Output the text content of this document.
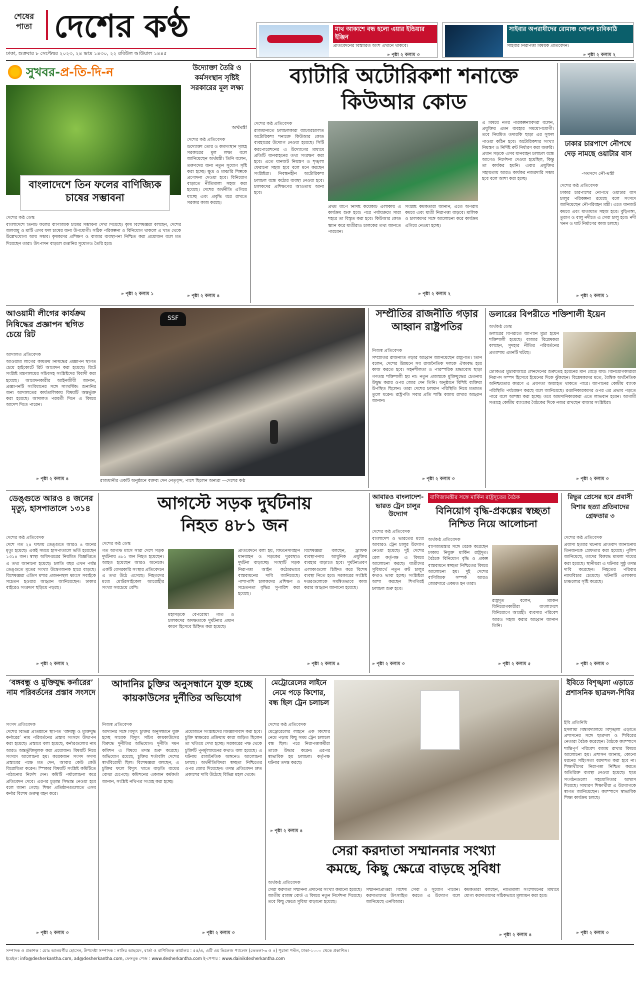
শেষের
পাতা দেশের কণ্ঠ
ঢাকা, শুক্রবার ৮ সেপ্টেম্বর ২০২৩, ২৪ ভাদ্র ১৪৩০, ২২ রবিউল আউয়াল ১৪৪৫
মাথ আকাশে বন্ধ হলো এয়ার ইন্ডিয়ার ইঞ্জিন
প্রতিবেদনের বিস্তারিত অংশ এখানে থাকবে।
» পৃষ্ঠা ২ কলাম ৩
সাইবার অপরাধীদের রোমাঞ্চ গোপন চাবিকাঠি
সাইবার নিরাপত্তা বিষয়ক প্রতিবেদন।
» পৃষ্ঠা ২ কলাম ২
সুখবর-প্র-তি-দি-ন
বাংলাদেশে তিন ফলের বাণিজ্যিক চাষের সম্ভাবনা
দেশের কণ্ঠ ডেস্ক
বাংলাদেশে তিনটি ফলের বাণিজ্যিক চাষের সম্ভাবনা দেখা দিয়েছে। কৃষি বিশেষজ্ঞরা বলছেন, দেশের জলবায়ু ও মাটি এসব ফল চাষের জন্য উপযোগী। সঠিক পরিকল্পনা ও বিনিয়োগ থাকলে এ খাত থেকে উল্লেখযোগ্য আয় সম্ভব। কৃষকদের প্রশিক্ষণ ও বাজার ব্যবস্থাপনা নিশ্চিত করা প্রয়োজন বলে মত দিয়েছেন তারা। উৎপাদন বাড়লে রপ্তানির সুযোগও তৈরি হবে।
» পৃষ্ঠা ২ কলাম ১
উদ্যোক্তা তৈরি ও কর্মসংস্থান সৃষ্টিই সরকারের মূল লক্ষ্য
অর্থমন্ত্রী
দেশের কণ্ঠ প্রতিবেদক
উদ্যোক্তা তৈরি ও কর্মসংস্থান সৃষ্টিই সরকারের মূল লক্ষ্য বলে জানিয়েছেন অর্থমন্ত্রী। তিনি বলেন, তরুণদের জন্য নতুন সুযোগ সৃষ্টি করা হচ্ছে। ক্ষুদ্র ও মাঝারি শিল্পকে প্রণোদনা দেওয়া হবে। বিনিয়োগ বাড়াতে নীতিমালা সহজ করা হয়েছে। দেশের অর্থনীতি এগিয়ে যাচ্ছে এবং প্রবৃদ্ধি ধরে রাখতে সরকার কাজ করছে।
» পৃষ্ঠা ২ কলাম ৪
ব্যাটারি অটোরিকশা শনাক্তে
কিউআর কোড
দেশের কণ্ঠ প্রতিবেদক
রাজধানীতে চলাচলকারী ব্যাটারিচালিত অটোরিকশা শনাক্তে কিউআর কোড ব্যবহারের উদ্যোগ নেওয়া হয়েছে। সিটি করপোরেশনের এ উদ্যোগের মাধ্যমে প্রতিটি যানবাহনের তথ্য সংরক্ষণ করা হবে। এতে যানজট নিয়ন্ত্রণ ও শৃঙ্খলা ফেরানো সহজ হবে বলে মনে করছেন সংশ্লিষ্টরা। নিবন্ধনহীন অটোরিকশা চলাচল বন্ধে কঠোর ব্যবস্থা নেওয়া হবে। চালকদের প্রশিক্ষণের আওতায় আনা হবে।
প্রথম ধাপে নির্দিষ্ট কয়েকটি এলাকায় এ কার্যক্রম শুরু হবে। পরে পর্যায়ক্রমে সারা শহরে তা বিস্তৃত করা হবে। কিউআর কোড স্ক্যান করে যাত্রীরাও চালকের তথ্য জানতে পারবেন।
সংশ্লিষ্ট কর্মকর্তারা জানান, এতে অপরাধ কমবে এবং যাত্রী নিরাপত্তা বাড়বে। মালিক ও চালকদের সঙ্গে আলোচনা করে কার্যক্রম এগিয়ে নেওয়া হচ্ছে।
» পৃষ্ঠা ২ কলাম ২
এ বিষয়ে নগর পরিকল্পনাবিদরা বলেন, প্রযুক্তির এমন ব্যবহার সময়োপযোগী। তবে নিয়মিত তদারকি ছাড়া এর সুফল পাওয়া কঠিন হবে। অটোরিকশার সংখ্যা নিয়ন্ত্রণ ও নির্দিষ্ট রুট নির্ধারণ করা জরুরি। প্রধান সড়কে এসব যানবাহন চলাচল বন্ধে আগেও নির্দেশনা দেওয়া হয়েছিল, কিন্তু তা কার্যকর হয়নি। এবার প্রযুক্তির সহায়তায় আরও কার্যকর নজরদারি সম্ভব হবে বলে আশা করা হচ্ছে।
ঢাকার চারপাশে নৌপথে দেড় নামছে ওয়াটার বাস
-সংসদে নৌ-মন্ত্রী
দেশের কণ্ঠ প্রতিবেদক
ঢাকার চারপাশের নৌপথে ওয়াটার বাস চালুর পরিকল্পনা রয়েছে বলে সংসদে জানিয়েছেন নৌপরিবহন মন্ত্রী। এতে যানজট কমবে এবং যাতায়াত সহজ হবে। বুড়িগঙ্গা, তুরাগ ও বালু নদীতে এ সেবা চালু হবে। নদী খনন ও ঘাট নির্মাণের কাজ চলছে।
» পৃষ্ঠা ২ কলাম ১
আওয়ামী লীগের কার্যক্রম নিষিদ্ধের প্রজ্ঞাপন স্থগিত চেয়ে রিট
আদালত প্রতিবেদক
আওয়ামী লীগের কার্যক্রম নিষিদ্ধের প্রজ্ঞাপন স্থগিত চেয়ে হাইকোর্টে রিট আবেদন করা হয়েছে। রিটে সংশ্লিষ্ট মন্ত্রণালয়ের সচিবসহ সংশ্লিষ্টদের বিবাদী করা হয়েছে। আবেদনকারীর আইনজীবী জানান, প্রজ্ঞাপনটি সংবিধানের সঙ্গে সাংঘর্ষিক। শুনানির জন্য আদালতের কার্যতালিকায় বিষয়টি অন্তর্ভুক্ত করা হয়েছে। আদালত পরবর্তী দিনে এ বিষয়ে আদেশ দিতে পারেন।
» পৃষ্ঠা ২ কলাম ৪
SSF
রাজধানীর একটি অনুষ্ঠানে বক্তব্য দেন নেতৃবৃন্দ, পাশে ছিলেন অন্যরা —দেশের কণ্ঠ
সম্প্রীতির রাজনীতি গড়ার আহ্বান রাষ্ট্রপতির
নিজস্ব প্রতিবেদক
সম্প্রীতির রাজনীতি গড়ার আহ্বান জানিয়েছেন রাষ্ট্রপতি। তিনি বলেন, দেশের উন্নয়নে সব রাজনৈতিক দলকে ঐক্যবদ্ধ হয়ে কাজ করতে হবে। সহনশীলতা ও পারস্পরিক শ্রদ্ধাবোধ ছাড়া গণতন্ত্র শক্তিশালী হয় না। নতুন প্রজন্মকে মুক্তিযুদ্ধের চেতনায় উদ্বুদ্ধ করার ওপর জোর দেন তিনি। অনুষ্ঠানে বিশিষ্ট ব্যক্তিরা উপস্থিত ছিলেন। তারা দেশের চলমান পরিস্থিতি নিয়ে মতামত তুলে ধরেন। রাষ্ট্রপতি সবার প্রতি শান্তি বজায় রাখার আহ্বান জানান।
» পৃষ্ঠা ২ কলাম ৩
ডলারের বিপরীতে শক্তিশালী ইয়েন
অর্থকণ্ঠ ডেস্ক
ডলারের বিপরীতে জাপানি মুদ্রা ইয়েন শক্তিশালী হয়েছে। বাজার বিশ্লেষকরা বলছেন, সুদহার নীতির পরিবর্তনের প্রত্যাশায় এমনটি ঘটছে।
টোকিওর মুদ্রাবাজারে লেনদেনের শুরুতেই ইয়েনের মান বেড়ে যায়। বিনিয়োগকারীরা নিরাপদ সম্পদ হিসেবে ইয়েনের দিকে ঝুঁকছেন। বিশ্লেষকদের মতে, বৈশ্বিক অর্থনৈতিক অনিশ্চয়তার কারণে এ প্রবণতা অব্যাহত থাকতে পারে। জাপানের কেন্দ্রীয় ব্যাংক পরিস্থিতি পর্যবেক্ষণ করছে বলে জানিয়েছে। রপ্তানিকারকদের ওপর এর প্রভাব পড়তে পারে বলে আশঙ্কা করা হচ্ছে। তবে আমদানিকারকরা এতে লাভবান হবেন। আগামী সপ্তাহে কেন্দ্রীয় ব্যাংকের বৈঠকের দিকে নজর রাখছেন বাজার সংশ্লিষ্টরা।
» পৃষ্ঠা ২ কলাম ৩
ডেঙ্গুতে আরও ৪ জনের মৃত্যু, হাসপাতালে ১৩১৪
দেশের কণ্ঠ প্রতিবেদক
দেশে গত ২৪ ঘণ্টায় ডেঙ্গুতে আরও ৪ জনের মৃত্যু হয়েছে। একই সময়ে হাসপাতালে ভর্তি হয়েছেন ১৩১৪ জন। স্বাস্থ্য অধিদপ্তরের নিয়মিত বিজ্ঞপ্তিতে এ তথ্য জানানো হয়েছে। চলতি বছর এখন পর্যন্ত ডেঙ্গুতে মৃতের সংখ্যা উদ্বেগজনক হারে বাড়ছে। বিশেষজ্ঞরা এডিস মশার প্রজননস্থল ধ্বংসে সবাইকে সচেতন হওয়ার আহ্বান জানিয়েছেন। ঢাকার বাইরেও সংক্রমণ ছড়িয়ে পড়ছে।
» পৃষ্ঠা ২ কলাম ২
আগস্টে সড়ক দুর্ঘটনায়
নিহত ৪৮১ জন
দেশের কণ্ঠ ডেস্ক
গত আগস্ট মাসে সারা দেশে সড়ক দুর্ঘটনায় ৪৮১ জন নিহত হয়েছেন। আহত হয়েছেন আরও অনেকে। একটি বেসরকারি সংস্থার প্রতিবেদনে এ তথ্য উঠে এসেছে। নিহতদের মধ্যে মোটরসাইকেল আরোহীর সংখ্যা সবচেয়ে বেশি।
মহাসড়কে বেপরোয়া গতি ও চালকদের অদক্ষতাকে দুর্ঘটনার প্রধান কারণ হিসেবে চিহ্নিত করা হয়েছে।
প্রতিবেদনে বলা হয়, ফিটনেসবিহীন যানবাহন ও সড়কের দুরবস্থাও দুর্ঘটনা বাড়াচ্ছে। সংস্থাটি সড়ক নিরাপত্তা আইন কঠোরভাবে বাস্তবায়নের দাবি জানিয়েছে। পাশাপাশি চালকদের প্রশিক্ষণ ও সচেতনতা বৃদ্ধির সুপারিশ করা হয়েছে।
বিশেষজ্ঞরা বলছেন, ট্রাফিক ব্যবস্থাপনায় আধুনিক প্রযুক্তির ব্যবহার বাড়াতে হবে। দুর্ঘটনাপ্রবণ এলাকাগুলো চিহ্নিত করে বিশেষ ব্যবস্থা নিতে হবে। সরকারের সংশ্লিষ্ট দপ্তরগুলোকে সমন্বিতভাবে কাজ করার আহ্বান জানানো হয়েছে।
» পৃষ্ঠা ২ কলাম ৪
আবারও বাংলাদেশ-ভারত ট্রেন চালুর উদ্যোগ
দেশের কণ্ঠ প্রতিবেদক
বাংলাদেশ ও ভারতের মধ্যে আবারও ট্রেন চালুর উদ্যোগ নেওয়া হয়েছে। দুই দেশের রেল কর্তৃপক্ষ এ বিষয়ে আলোচনা করছে। যাত্রীদের সুবিধার্থে নতুন রুট চালুর কথাও ভাবা হচ্ছে। সংশ্লিষ্টরা আশা করছেন শিগগিরই চলাচল শুরু হবে।
» পৃষ্ঠা ২ কলাম ৩
বাণিজ্যমন্ত্রীর সঙ্গে মার্কিন রাষ্ট্রদূতের বৈঠক
বিনিয়োগ বৃদ্ধি-প্রকল্পের স্বচ্ছতা নিশ্চিত নিয়ে আলোচনা
অর্থকণ্ঠ প্রতিবেদক
বাণিজ্যমন্ত্রীর সঙ্গে বৈঠক করেছেন ঢাকায় নিযুক্ত মার্কিন রাষ্ট্রদূত। বৈঠকে বিনিয়োগ বৃদ্ধি ও প্রকল্প বাস্তবায়নে স্বচ্ছতা নিশ্চিতের বিষয়ে আলোচনা হয়। দুই দেশের বাণিজ্যিক সম্পর্ক আরও জোরদারে একমত হন তারা।
রাষ্ট্রদূত বলেন, মার্কিন বিনিয়োগকারীরা বাংলাদেশে বিনিয়োগে আগ্রহী। ব্যবসার পরিবেশ আরও সহজ করার আহ্বান জানান তিনি।
» পৃষ্ঠা ২ কলাম ৫
রিভুর প্রেসের হবে প্রবাসী বিশার হত্যা প্রতিবাদের গ্রেফতার ৩
দেশের কণ্ঠ প্রতিবেদক
প্রবাসী হত্যার ঘটনায় প্রতিবাদ জানানোয় তিনজনকে গ্রেফতার করা হয়েছে। পুলিশ জানিয়েছে, তাদের বিরুদ্ধে মামলা দায়ের করা হয়েছে। স্থানীয়রা এ ঘটনার সুষ্ঠু তদন্ত দাবি করেছেন। নিহতের পরিবার ন্যায়বিচার চেয়েছে। ঘটনাটি এলাকায় চাঞ্চল্যের সৃষ্টি করেছে।
» পৃষ্ঠা ২ কলাম ৩
‘বঙ্গবন্ধু ও মুক্তিযুদ্ধ কর্নারের’ নাম পরিবর্তনের প্রস্তাব সংসদে
সংসদ প্রতিবেদক
দেশের বিভিন্ন প্রতিষ্ঠানে স্থাপিত ‘বঙ্গবন্ধু ও মুক্তিযুদ্ধ কর্নারের’ নাম পরিবর্তনের প্রস্তাব সংসদে উত্থাপন করা হয়েছে। প্রস্তাবে বলা হয়েছে, কর্নারগুলোর নাম আরও অন্তর্ভুক্তিমূলক করা প্রয়োজন। বিষয়টি নিয়ে সংসদে আলোচনা হয়। কয়েকজন সংসদ সদস্য প্রস্তাবের পক্ষে মত দেন, আবার কেউ কেউ বিরোধিতা করেন। স্পিকার বিষয়টি সংশ্লিষ্ট কমিটিতে পাঠানোর নির্দেশ দেন। কমিটি পর্যালোচনা করে প্রতিবেদন দেবে। এরপর চূড়ান্ত সিদ্ধান্ত নেওয়া হবে বলে জানা গেছে। শিক্ষা প্রতিষ্ঠানগুলোতে এসব কর্নার বিশেষ গুরুত্ব বহন করে।
» পৃষ্ঠা ২ কলাম ৩
আদানির চুক্তির অনুসন্ধানে যুক্ত হচ্ছে কায়কাউসের দুর্নীতির অভিযোগ
নিজস্ব প্রতিবেদক
আদানির সঙ্গে বিদ্যুৎ চুক্তির অনুসন্ধানে যুক্ত হচ্ছে সাবেক বিদ্যুৎ সচিব কায়কাউসের বিরুদ্ধে দুর্নীতির অভিযোগ। দুর্নীতি দমন কমিশন এ বিষয়ে তদন্ত শুরু করেছে। অভিযোগ রয়েছে, চুক্তির শর্তাবলি দেশের স্বার্থবিরোধী ছিল। বিশেষজ্ঞরা বলছেন, এ চুক্তির ফলে বিদ্যুৎ খাতে বাড়তি ব্যয়ের বোঝা চেপেছে। কমিশনের একজন কর্মকর্তা জানান, সংশ্লিষ্ট নথিপত্র সংগ্রহ করা হচ্ছে।
প্রয়োজনে সংশ্লিষ্টদের জিজ্ঞাসাবাদ করা হবে। চুক্তি স্বাক্ষরের প্রক্রিয়ায় কারা জড়িত ছিলেন তা খতিয়ে দেখা হচ্ছে। সরকারের পক্ষ থেকে চুক্তিটি পুনর্মূল্যায়নের কথাও বলা হয়েছে। এ ঘটনায় রাজনৈতিক অঙ্গনেও আলোচনা চলছে। অর্থনীতিবিদরা স্বচ্ছতা নিশ্চিতের ওপর জোর দিয়েছেন। তদন্ত প্রতিবেদন দ্রুত প্রকাশের দাবি উঠেছে বিভিন্ন মহল থেকে।
» পৃষ্ঠা ২ কলাম ৩
মেট্রোরেলের লাইনে নেমে পড়ে কিশোর, বন্ধ ছিল ট্রেন চলাচল
দেশের কণ্ঠ প্রতিবেদক
মেট্রোরেলের লাইনে এক কিশোর নেমে পড়ায় কিছু সময় ট্রেন চলাচল বন্ধ ছিল। পরে নিরাপত্তাকর্মীরা তাকে উদ্ধার করেন। এরপর স্বাভাবিক হয় চলাচল। কর্তৃপক্ষ ঘটনার তদন্ত করছে।
» পৃষ্ঠা ২ কলাম ৪
ইবিতে বিশৃঙ্খলা এড়াতে প্রশাসনিক ছাত্রদল-শিবির
ইবি প্রতিনিধি
ইসলামী বিশ্ববিদ্যালয়ে বিশৃঙ্খলা এড়াতে প্রশাসনের সঙ্গে ছাত্রদল ও শিবিরের নেতারা বৈঠক করেছেন। বৈঠকে ক্যাম্পাসে শান্তিপূর্ণ পরিবেশ বজায় রাখার বিষয়ে আলোচনা হয়। প্রশাসন জানায়, কোনো ধরনের সহিংসতা বরদাশত করা হবে না। শিক্ষার্থীদের নিরাপত্তা নিশ্চিত করতে অতিরিক্ত ব্যবস্থা নেওয়া হয়েছে। ছাত্র সংগঠনগুলো সহযোগিতার আশ্বাস দিয়েছে। সাধারণ শিক্ষার্থীরা এ উদ্যোগকে স্বাগত জানিয়েছেন। ক্যাম্পাসে স্বাভাবিক শিক্ষা কার্যক্রম চলছে।
» পৃষ্ঠা ২ কলাম ৩
সেরা করদাতা সম্মাননার সংখ্যা
কমছে, কিছু ক্ষেত্রে বাড়ছে সুবিধা
অর্থকণ্ঠ প্রতিবেদক
সেরা করদাতা সম্মাননা প্রদানের সংখ্যা কমানো হয়েছে। জাতীয় রাজস্ব বোর্ড এ বিষয়ে নতুন নির্দেশনা দিয়েছে। তবে কিছু ক্ষেত্রে সুবিধা বাড়ানো হয়েছে।
সম্মাননাপ্রাপ্তরা বিশেষ সেবা ও সুযোগ পাবেন। করদাতাদের উৎসাহিত করতে এ উদ্যোগ বলে জানিয়েছে এনবিআর।
কর্মকর্তারা বলছেন, নীতিমালা সংশোধনের মাধ্যমে যোগ্য করদাতাদের সঠিকভাবে মূল্যায়ন করা হবে।
» পৃষ্ঠা ২ কলাম ৪
সম্পাদক ও প্রকাশক : মোঃ আলমগীর হোসেন, উপদেষ্টা সম্পাদক : নাসির আহমেদ, বার্তা ও বাণিজ্যিক কার্যালয় : ৫৫/এ, এটি এম ভিলেজ প্যালেস (তেতলা-৩ ও ৪) পুরানা পল্টন, ঢাকা-১০০০ থেকে প্রকাশিত।
ইমেইল: info@desherkantha.com, ad@desherkantha.com, ফেসবুক পেজ : www.desherkantha.com ই-পেপার : www.dainikdesherkantha.com
